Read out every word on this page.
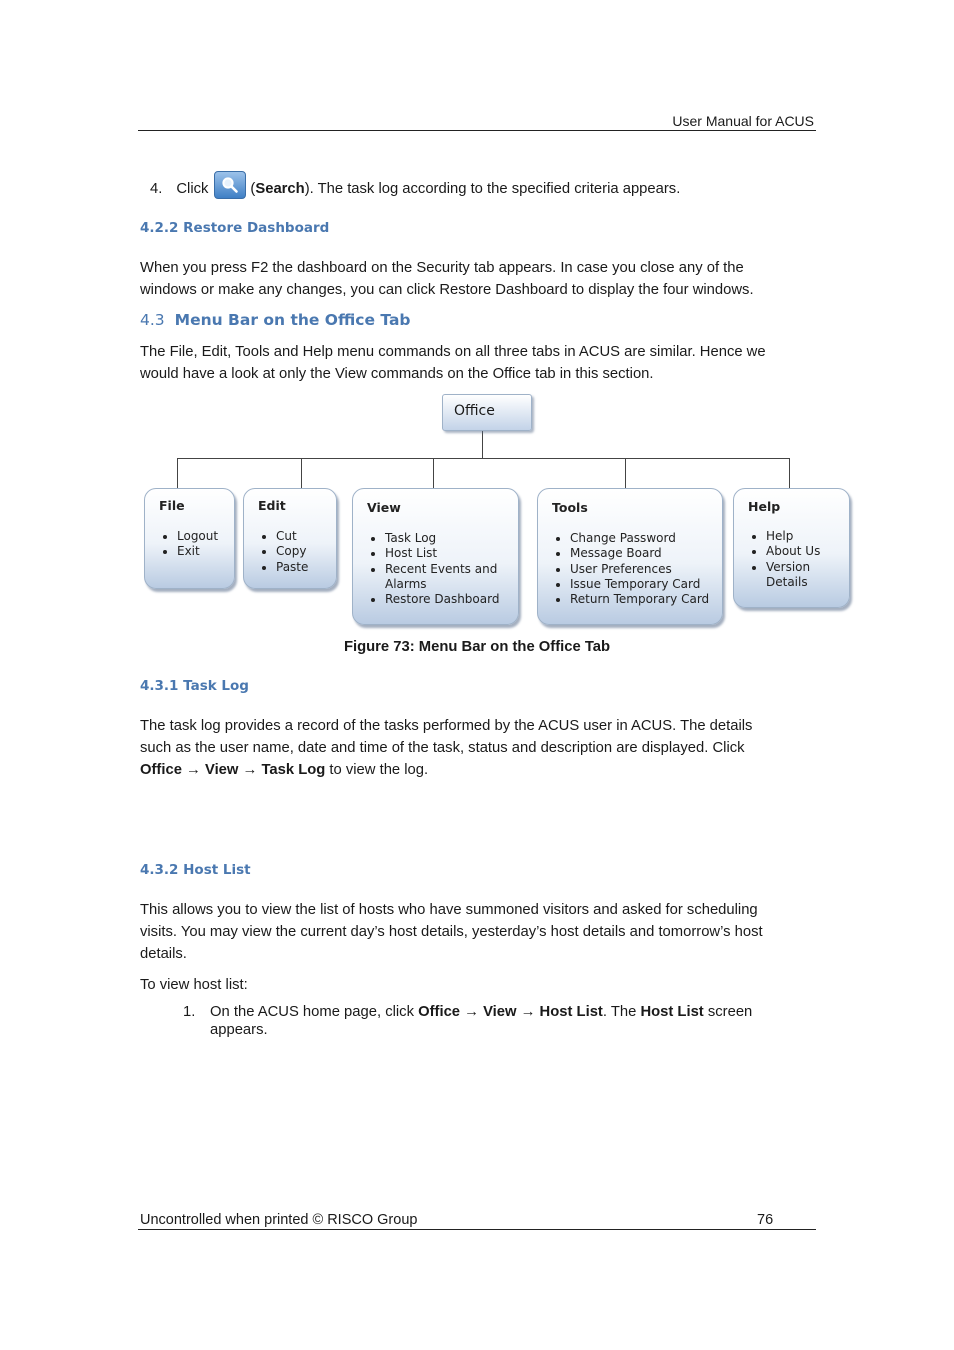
User Manual for ACUS
4. Click	( Search ). The task log according to the specified criteria appears.
4.2.2 Restore Dashboard
When you press F2 the dashboard on the Security tab appears. In case you close any of the
windows or make any changes, you can click Restore Dashboard to display the four windows.
4.3 Menu Bar on the Office Tab
The File, Edit, Tools and Help menu commands on all three tabs in ACUS are similar. Hence we
would have a look at only the View commands on the Office tab in this section.
Office
File
• Logout
• Exit
Edit
• Cut
• Copy
• Paste
View
• Task Log
• Host List
• Recent Events and Alarms
• Restore Dashboard
Tools
• Change Password
• Message Board
• User Preferences
• Issue Temporary Card
• Return Temporary Card
Help
• Help
• About Us
• Version Details
Figure 73: Menu Bar on the Office Tab
4.3.1 Task Log
The task log provides a record of the tasks performed by the ACUS user in ACUS. The details
such as the user name, date and time of the task, status and description are displayed. Click
Office → View → Task Log to view the log.
4.3.2 Host List
This allows you to view the list of hosts who have summoned visitors and asked for scheduling
visits. You may view the current day’s host details, yesterday’s host details and tomorrow’s host
details.
To view host list:
1. On the ACUS home page, click Office → View → Host List. The Host List screen
appears.
Uncontrolled when printed © RISCO Group	76
